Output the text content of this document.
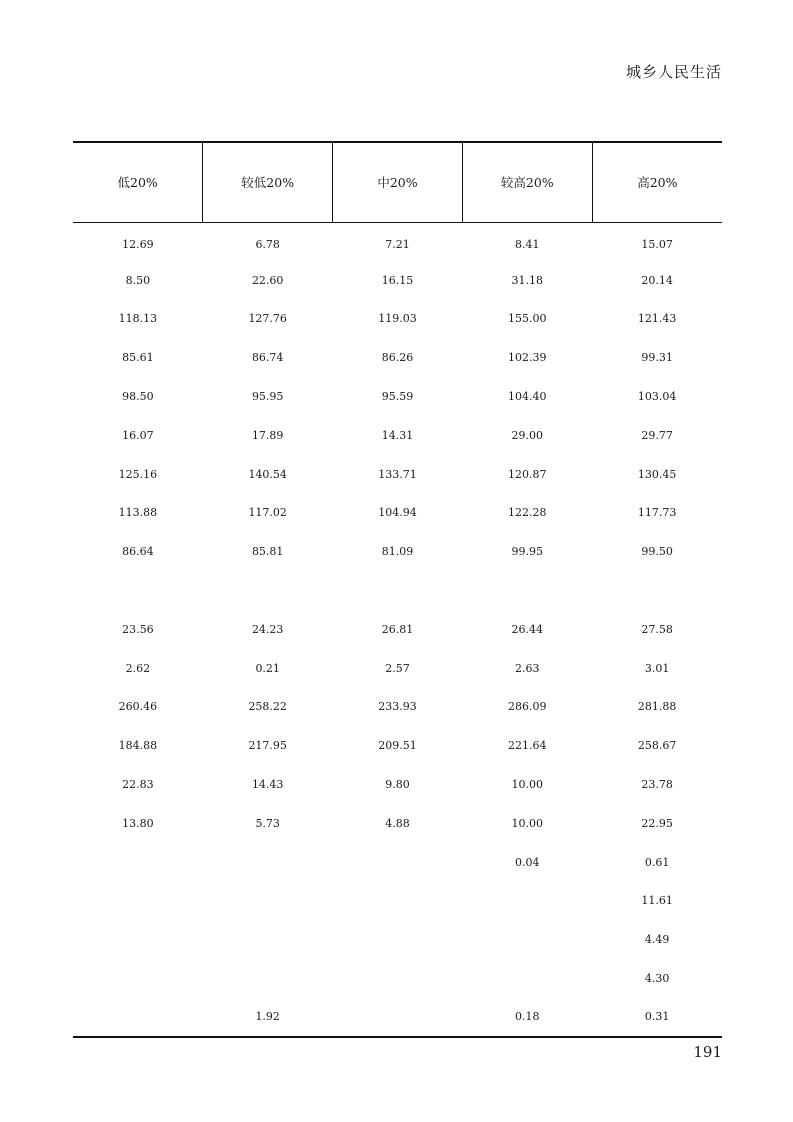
城乡人民生活
低20%	较低20%	中20%	较高20%	高20%
12.69	6.78	7.21	8.41	15.07
8.50	22.60	16.15	31.18	20.14
118.13	127.76	119.03	155.00	121.43
85.61	86.74	86.26	102.39	99.31
98.50	95.95	95.59	104.40	103.04
16.07	17.89	14.31	29.00	29.77
125.16	140.54	133.71	120.87	130.45
113.88	117.02	104.94	122.28	117.73
86.64	85.81	81.09	99.95	99.50

23.56	24.23	26.81	26.44	27.58
2.62	0.21	2.57	2.63	3.01
260.46	258.22	233.93	286.09	281.88
184.88	217.95	209.51	221.64	258.67
22.83	14.43	9.80	10.00	23.78
13.80	5.73	4.88	10.00	22.95
			0.04	0.61
				11.61
				4.49
				4.30
	1.92		0.18	0.31
191
